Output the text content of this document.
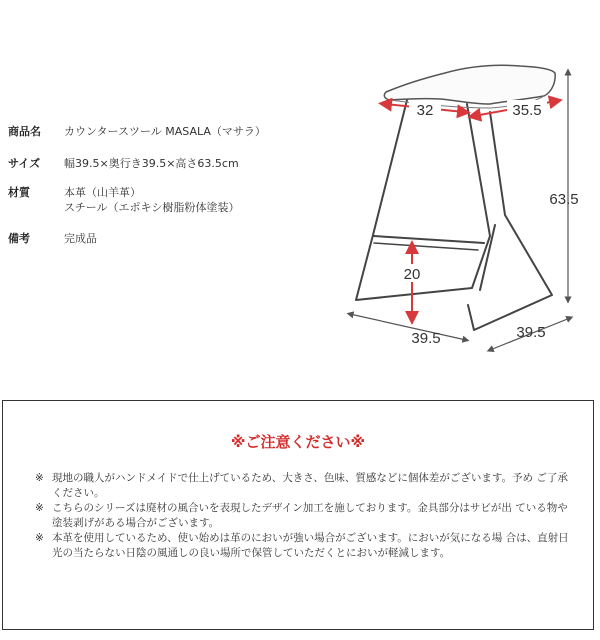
商品名	カウンタースツール MASALA（マサラ）
サイズ	幅39.5×奥行き39.5×高さ63.5cm
材質	本革（山羊革）
スチール（エポキシ樹脂粉体塗装）
備考	完成品
32	35.5
20
63.5
39.5	39.5
※ご注意ください※
※ 現地の職人がハンドメイドで仕上げているため、大きさ、色味、質感などに個体差がございます。予め ご了承ください。
※ こちらのシリーズは廃材の風合いを表現したデザイン加工を施しております。金具部分はサビが出 ている物や塗装剥げがある場合がございます。
※ 本革を使用しているため、使い始めは革のにおいが強い場合がございます。においが気になる場 合は、直射日光の当たらない日陰の風通しの良い場所で保管していただくとにおいが軽減します。
